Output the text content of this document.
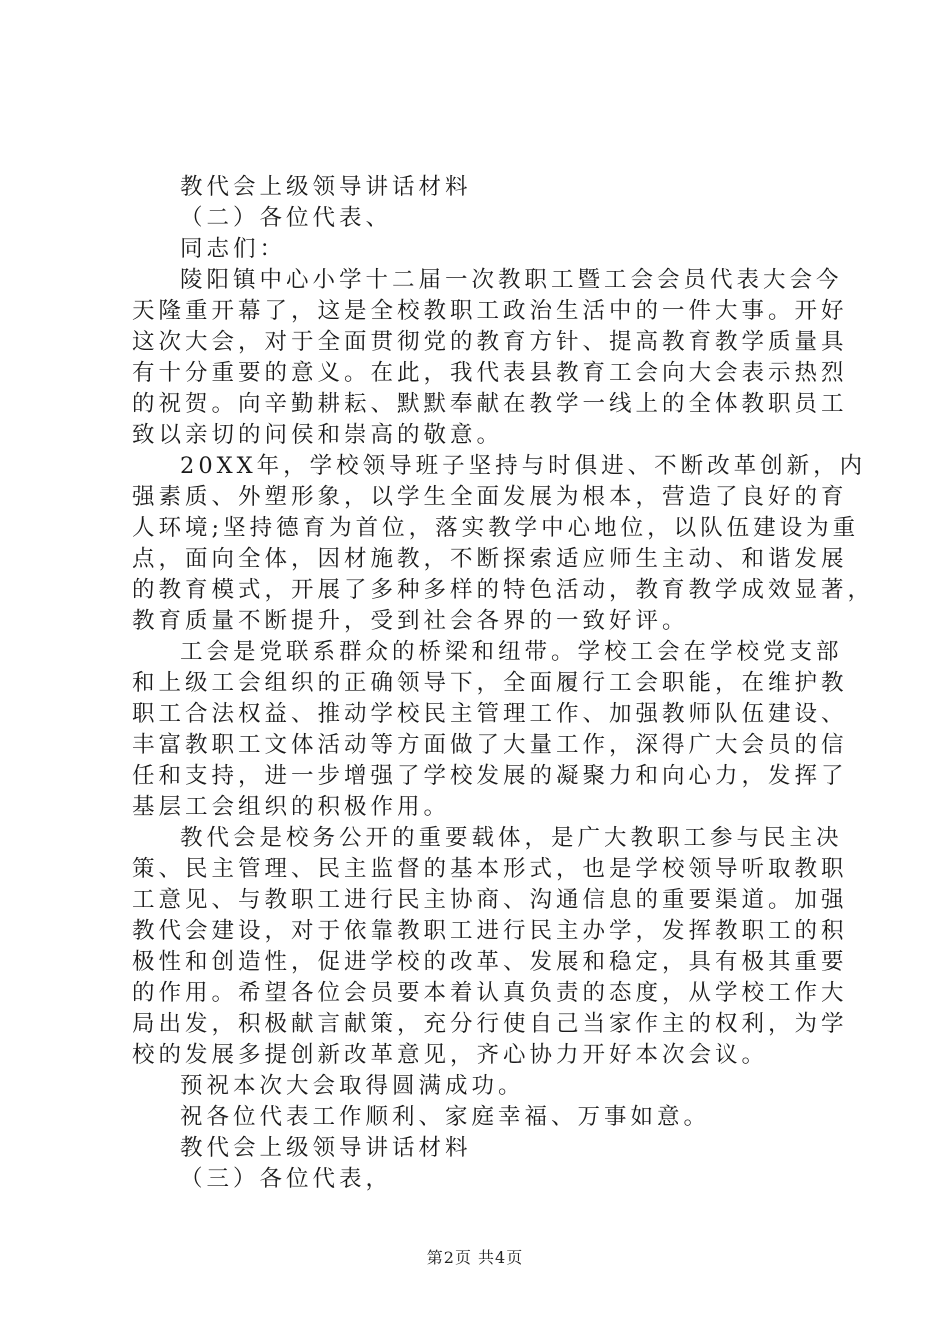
教代会上级领导讲话材料
（二）各位代表、
同志们：
陵阳镇中心小学十二届一次教职工暨工会会员代表大会今
天隆重开幕了，这是全校教职工政治生活中的一件大事。开好
这次大会，对于全面贯彻党的教育方针、提高教育教学质量具
有十分重要的意义。在此，我代表县教育工会向大会表示热烈
的祝贺。向辛勤耕耘、默默奉献在教学一线上的全体教职员工
致以亲切的问侯和崇高的敬意。
20XX年，学校领导班子坚持与时俱进、不断改革创新，内
强素质、外塑形象，以学生全面发展为根本，营造了良好的育
人环境;坚持德育为首位，落实教学中心地位，以队伍建设为重
点，面向全体，因材施教，不断探索适应师生主动、和谐发展
的教育模式，开展了多种多样的特色活动，教育教学成效显著，
教育质量不断提升，受到社会各界的一致好评。
工会是党联系群众的桥梁和纽带。学校工会在学校党支部
和上级工会组织的正确领导下，全面履行工会职能，在维护教
职工合法权益、推动学校民主管理工作、加强教师队伍建设、
丰富教职工文体活动等方面做了大量工作，深得广大会员的信
任和支持，进一步增强了学校发展的凝聚力和向心力，发挥了
基层工会组织的积极作用。
教代会是校务公开的重要载体，是广大教职工参与民主决
策、民主管理、民主监督的基本形式，也是学校领导听取教职
工意见、与教职工进行民主协商、沟通信息的重要渠道。加强
教代会建设，对于依靠教职工进行民主办学，发挥教职工的积
极性和创造性，促进学校的改革、发展和稳定，具有极其重要
的作用。希望各位会员要本着认真负责的态度，从学校工作大
局出发，积极献言献策，充分行使自己当家作主的权利，为学
校的发展多提创新改革意见，齐心协力开好本次会议。
预祝本次大会取得圆满成功。
祝各位代表工作顺利、家庭幸福、万事如意。
教代会上级领导讲话材料
（三）各位代表，
第2页 共4页
